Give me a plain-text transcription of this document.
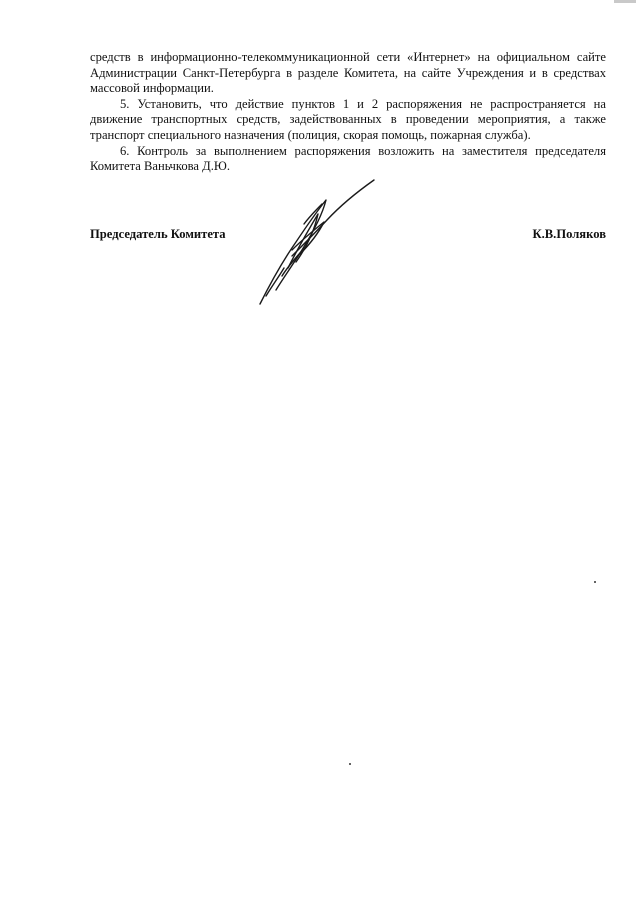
средств в информационно-телекоммуникационной сети «Интернет» на официальном сайте Администрации Санкт-Петербурга в разделе Комитета, на сайте Учреждения и в средствах массовой информации.

5. Установить, что действие пунктов 1 и 2 распоряжения не распространяется на движение транспортных средств, задействованных в проведении мероприятия, а также транспорт специального назначения (полиция, скорая помощь, пожарная служба).

6. Контроль за выполнением распоряжения возложить на заместителя председателя Комитета Ваньчкова Д.Ю.

Председатель Комитета	К.В.Поляков
